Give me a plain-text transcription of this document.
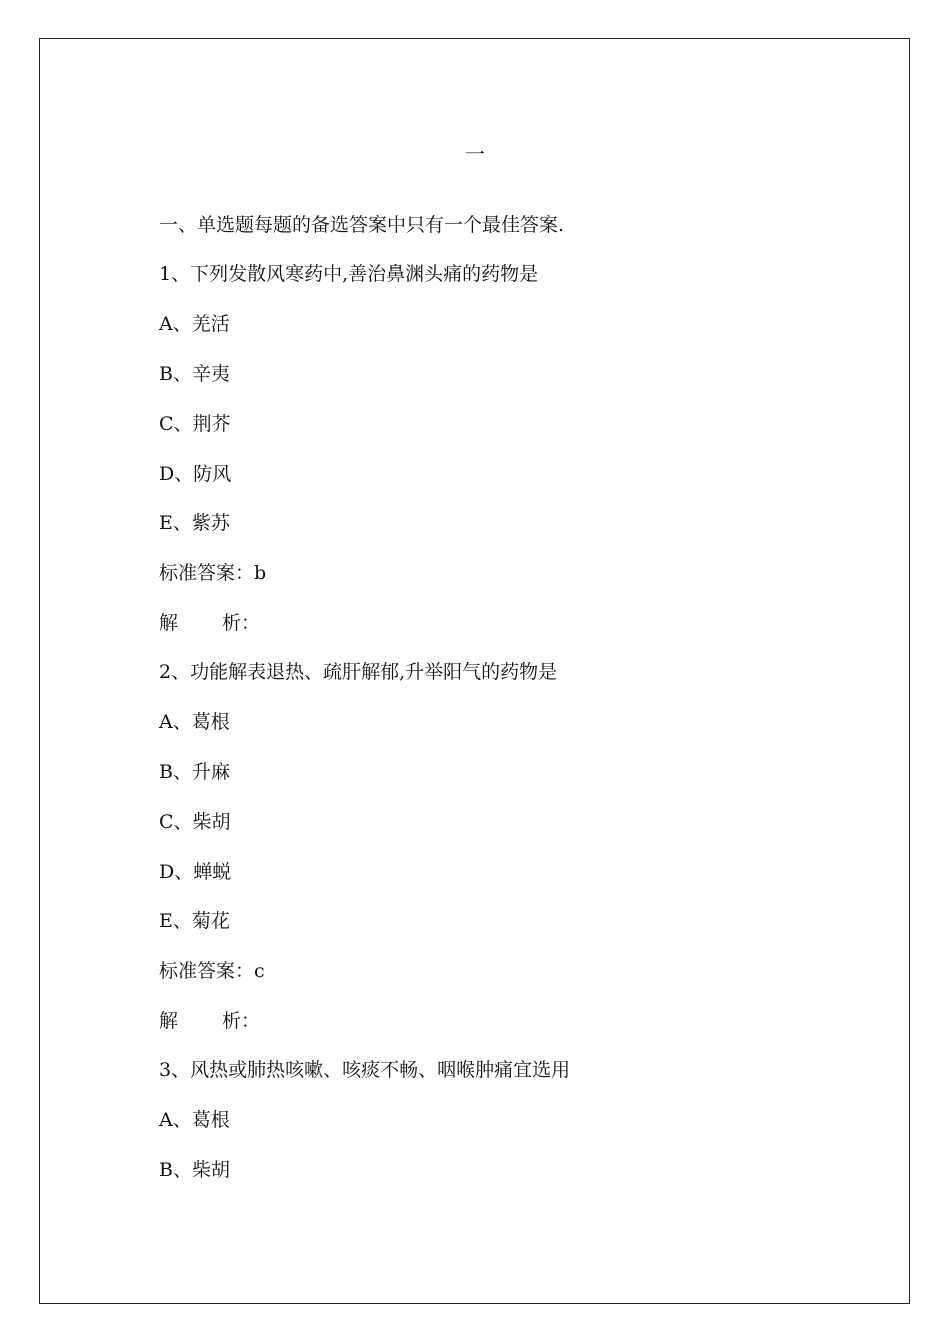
一
一、单选题每题的备选答案中只有一个最佳答案.
1、下列发散风寒药中,善治鼻渊头痛的药物是
A、羌活
B、辛夷
C、荆芥
D、防风
E、紫苏
标准答案：b
解 析：
2、功能解表退热、疏肝解郁,升举阳气的药物是
A、葛根
B、升麻
C、柴胡
D、蝉蜕
E、菊花
标准答案：c
解 析：
3、风热或肺热咳嗽、咳痰不畅、咽喉肿痛宜选用
A、葛根
B、柴胡
